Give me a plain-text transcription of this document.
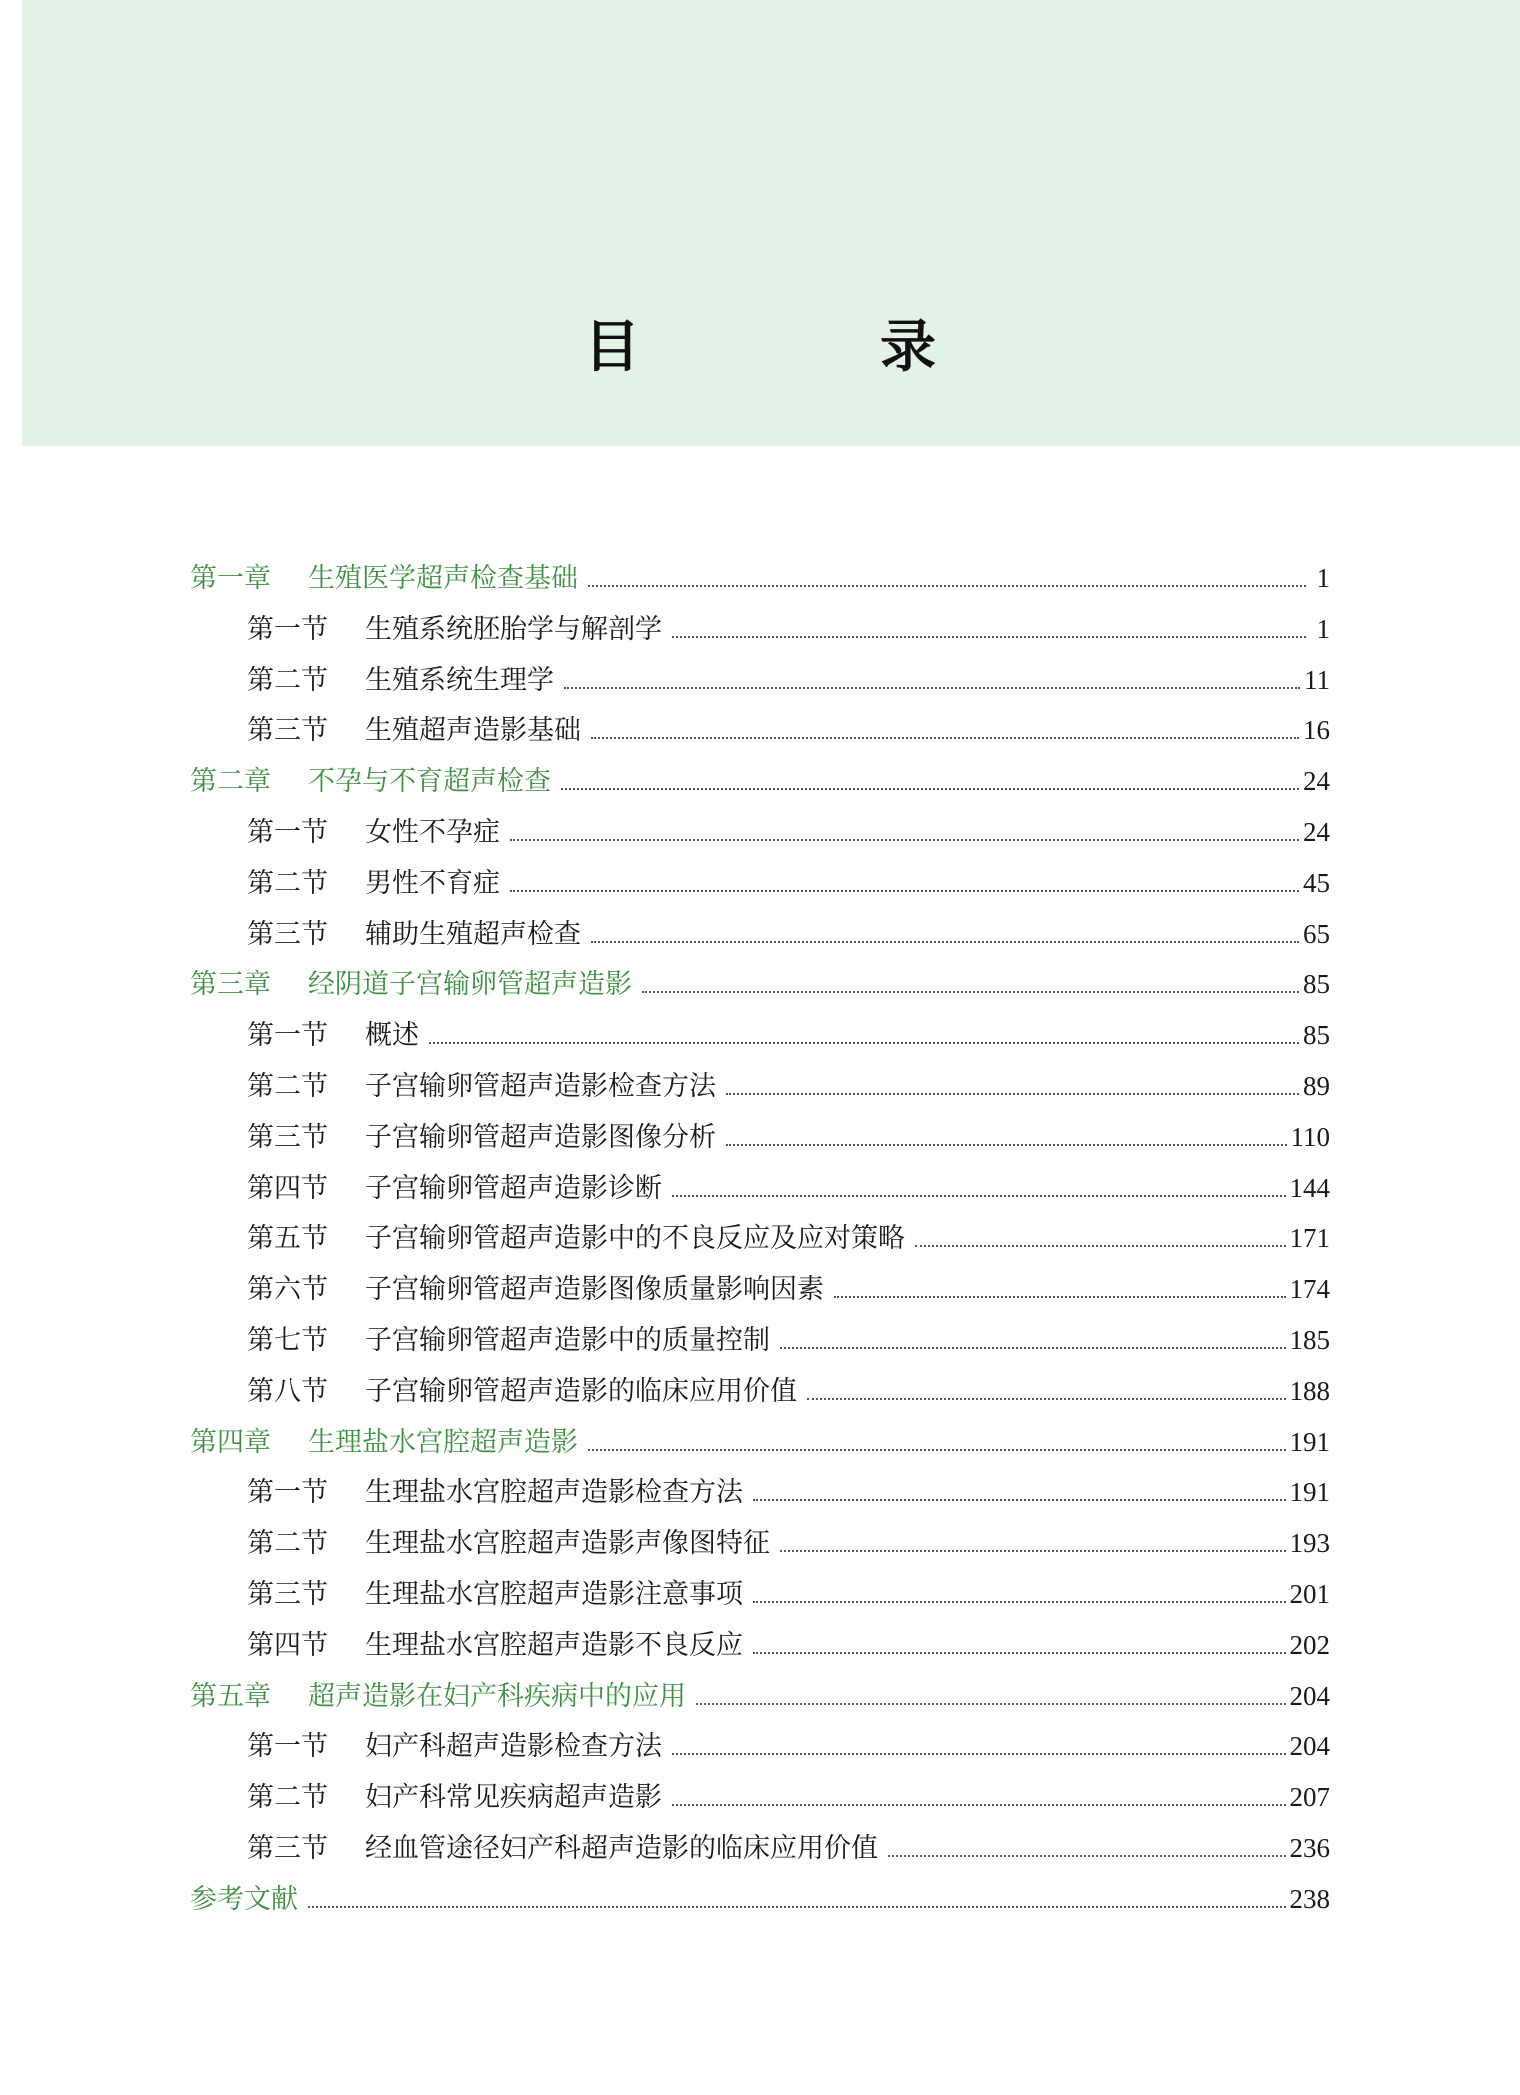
目　录
第一章	生殖医学超声检查基础	1
第一节	生殖系统胚胎学与解剖学	1
第二节	生殖系统生理学	11
第三节	生殖超声造影基础	16
第二章	不孕与不育超声检查	24
第一节	女性不孕症	24
第二节	男性不育症	45
第三节	辅助生殖超声检查	65
第三章	经阴道子宫输卵管超声造影	85
第一节	概述	85
第二节	子宫输卵管超声造影检查方法	89
第三节	子宫输卵管超声造影图像分析	110
第四节	子宫输卵管超声造影诊断	144
第五节	子宫输卵管超声造影中的不良反应及应对策略	171
第六节	子宫输卵管超声造影图像质量影响因素	174
第七节	子宫输卵管超声造影中的质量控制	185
第八节	子宫输卵管超声造影的临床应用价值	188
第四章	生理盐水宫腔超声造影	191
第一节	生理盐水宫腔超声造影检查方法	191
第二节	生理盐水宫腔超声造影声像图特征	193
第三节	生理盐水宫腔超声造影注意事项	201
第四节	生理盐水宫腔超声造影不良反应	202
第五章	超声造影在妇产科疾病中的应用	204
第一节	妇产科超声造影检查方法	204
第二节	妇产科常见疾病超声造影	207
第三节	经血管途径妇产科超声造影的临床应用价值	236
参考文献	238
